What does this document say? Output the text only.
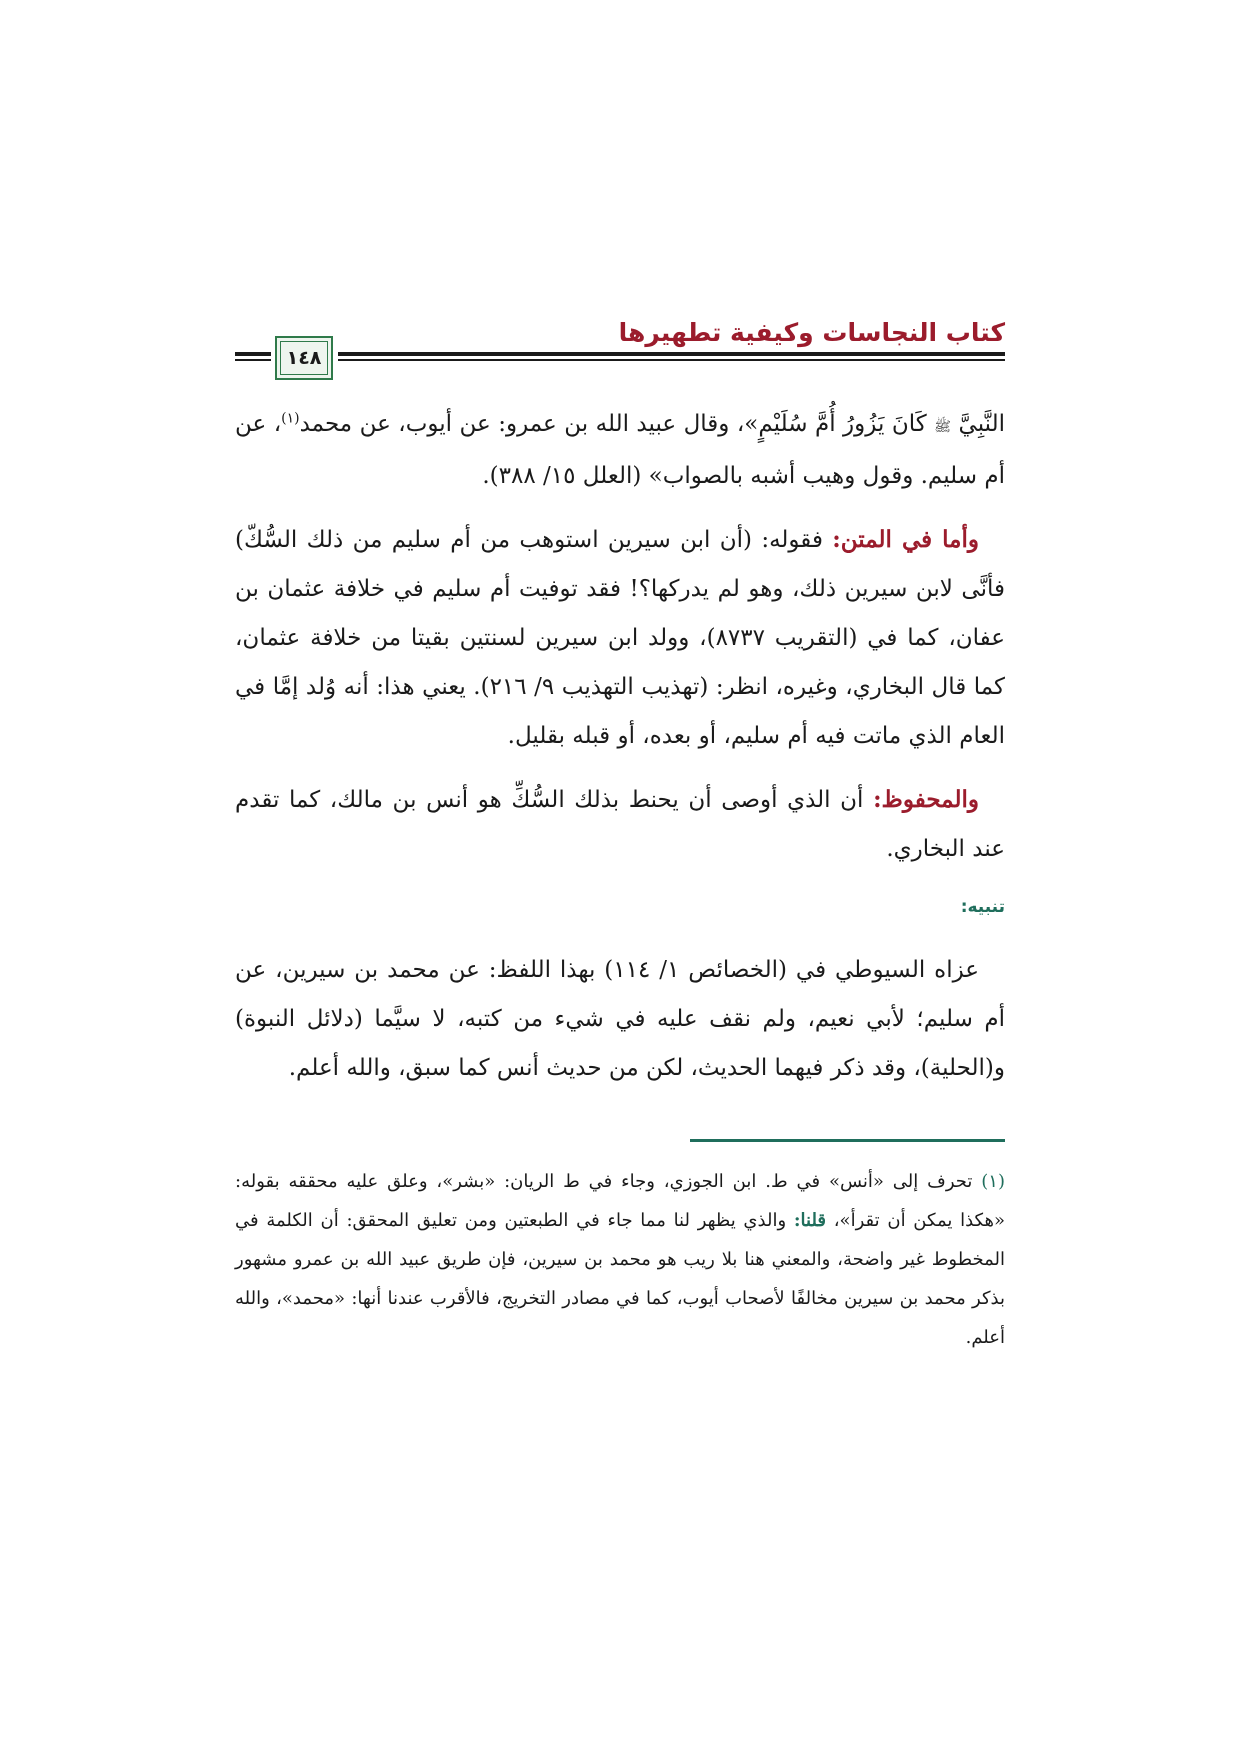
كتاب النجاسات وكيفية تطهيرها
١٤٨

النَّبِيَّ ﷺ كَانَ يَزُورُ أُمَّ سُلَيْمٍ»، وقال عبيد الله بن عمرو: عن أيوب، عن محمد$^{(١)}$، عن أم سليم. وقول وهيب أشبه بالصواب» (العلل ١٥/ ٣٨٨).

وأما في المتن: فقوله: (أن ابن سيرين استوهب من أم سليم من ذلك السُّكّ) فأنَّى لابن سيرين ذلك، وهو لم يدركها؟! فقد توفيت أم سليم في خلافة عثمان بن عفان، كما في (التقريب ٨٧٣٧)، وولد ابن سيرين لسنتين بقيتا من خلافة عثمان، كما قال البخاري، وغيره، انظر: (تهذيب التهذيب ٩/ ٢١٦). يعني هذا: أنه وُلد إمَّا في العام الذي ماتت فيه أم سليم، أو بعده، أو قبله بقليل.

والمحفوظ: أن الذي أوصى أن يحنط بذلك السُّكِّ هو أنس بن مالك، كما تقدم عند البخاري.

تنبيه:

عزاه السيوطي في (الخصائص ١/ ١١٤) بهذا اللفظ: عن محمد بن سيرين، عن أم سليم؛ لأبي نعيم، ولم نقف عليه في شيء من كتبه، لا سيَّما (دلائل النبوة) و(الحلية)، وقد ذكر فيهما الحديث، لكن من حديث أنس كما سبق، والله أعلم.

(١) تحرف إلى «أنس» في ط. ابن الجوزي، وجاء في ط الريان: «بشر»، وعلق عليه محققه بقوله: «هكذا يمكن أن تقرأ»، قلنا: والذي يظهر لنا مما جاء في الطبعتين ومن تعليق المحقق: أن الكلمة في المخطوط غير واضحة، والمعني هنا بلا ريب هو محمد بن سيرين، فإن طريق عبيد الله بن عمرو مشهور بذكر محمد بن سيرين مخالفًا لأصحاب أيوب، كما في مصادر التخريج، فالأقرب عندنا أنها: «محمد»، والله أعلم.
